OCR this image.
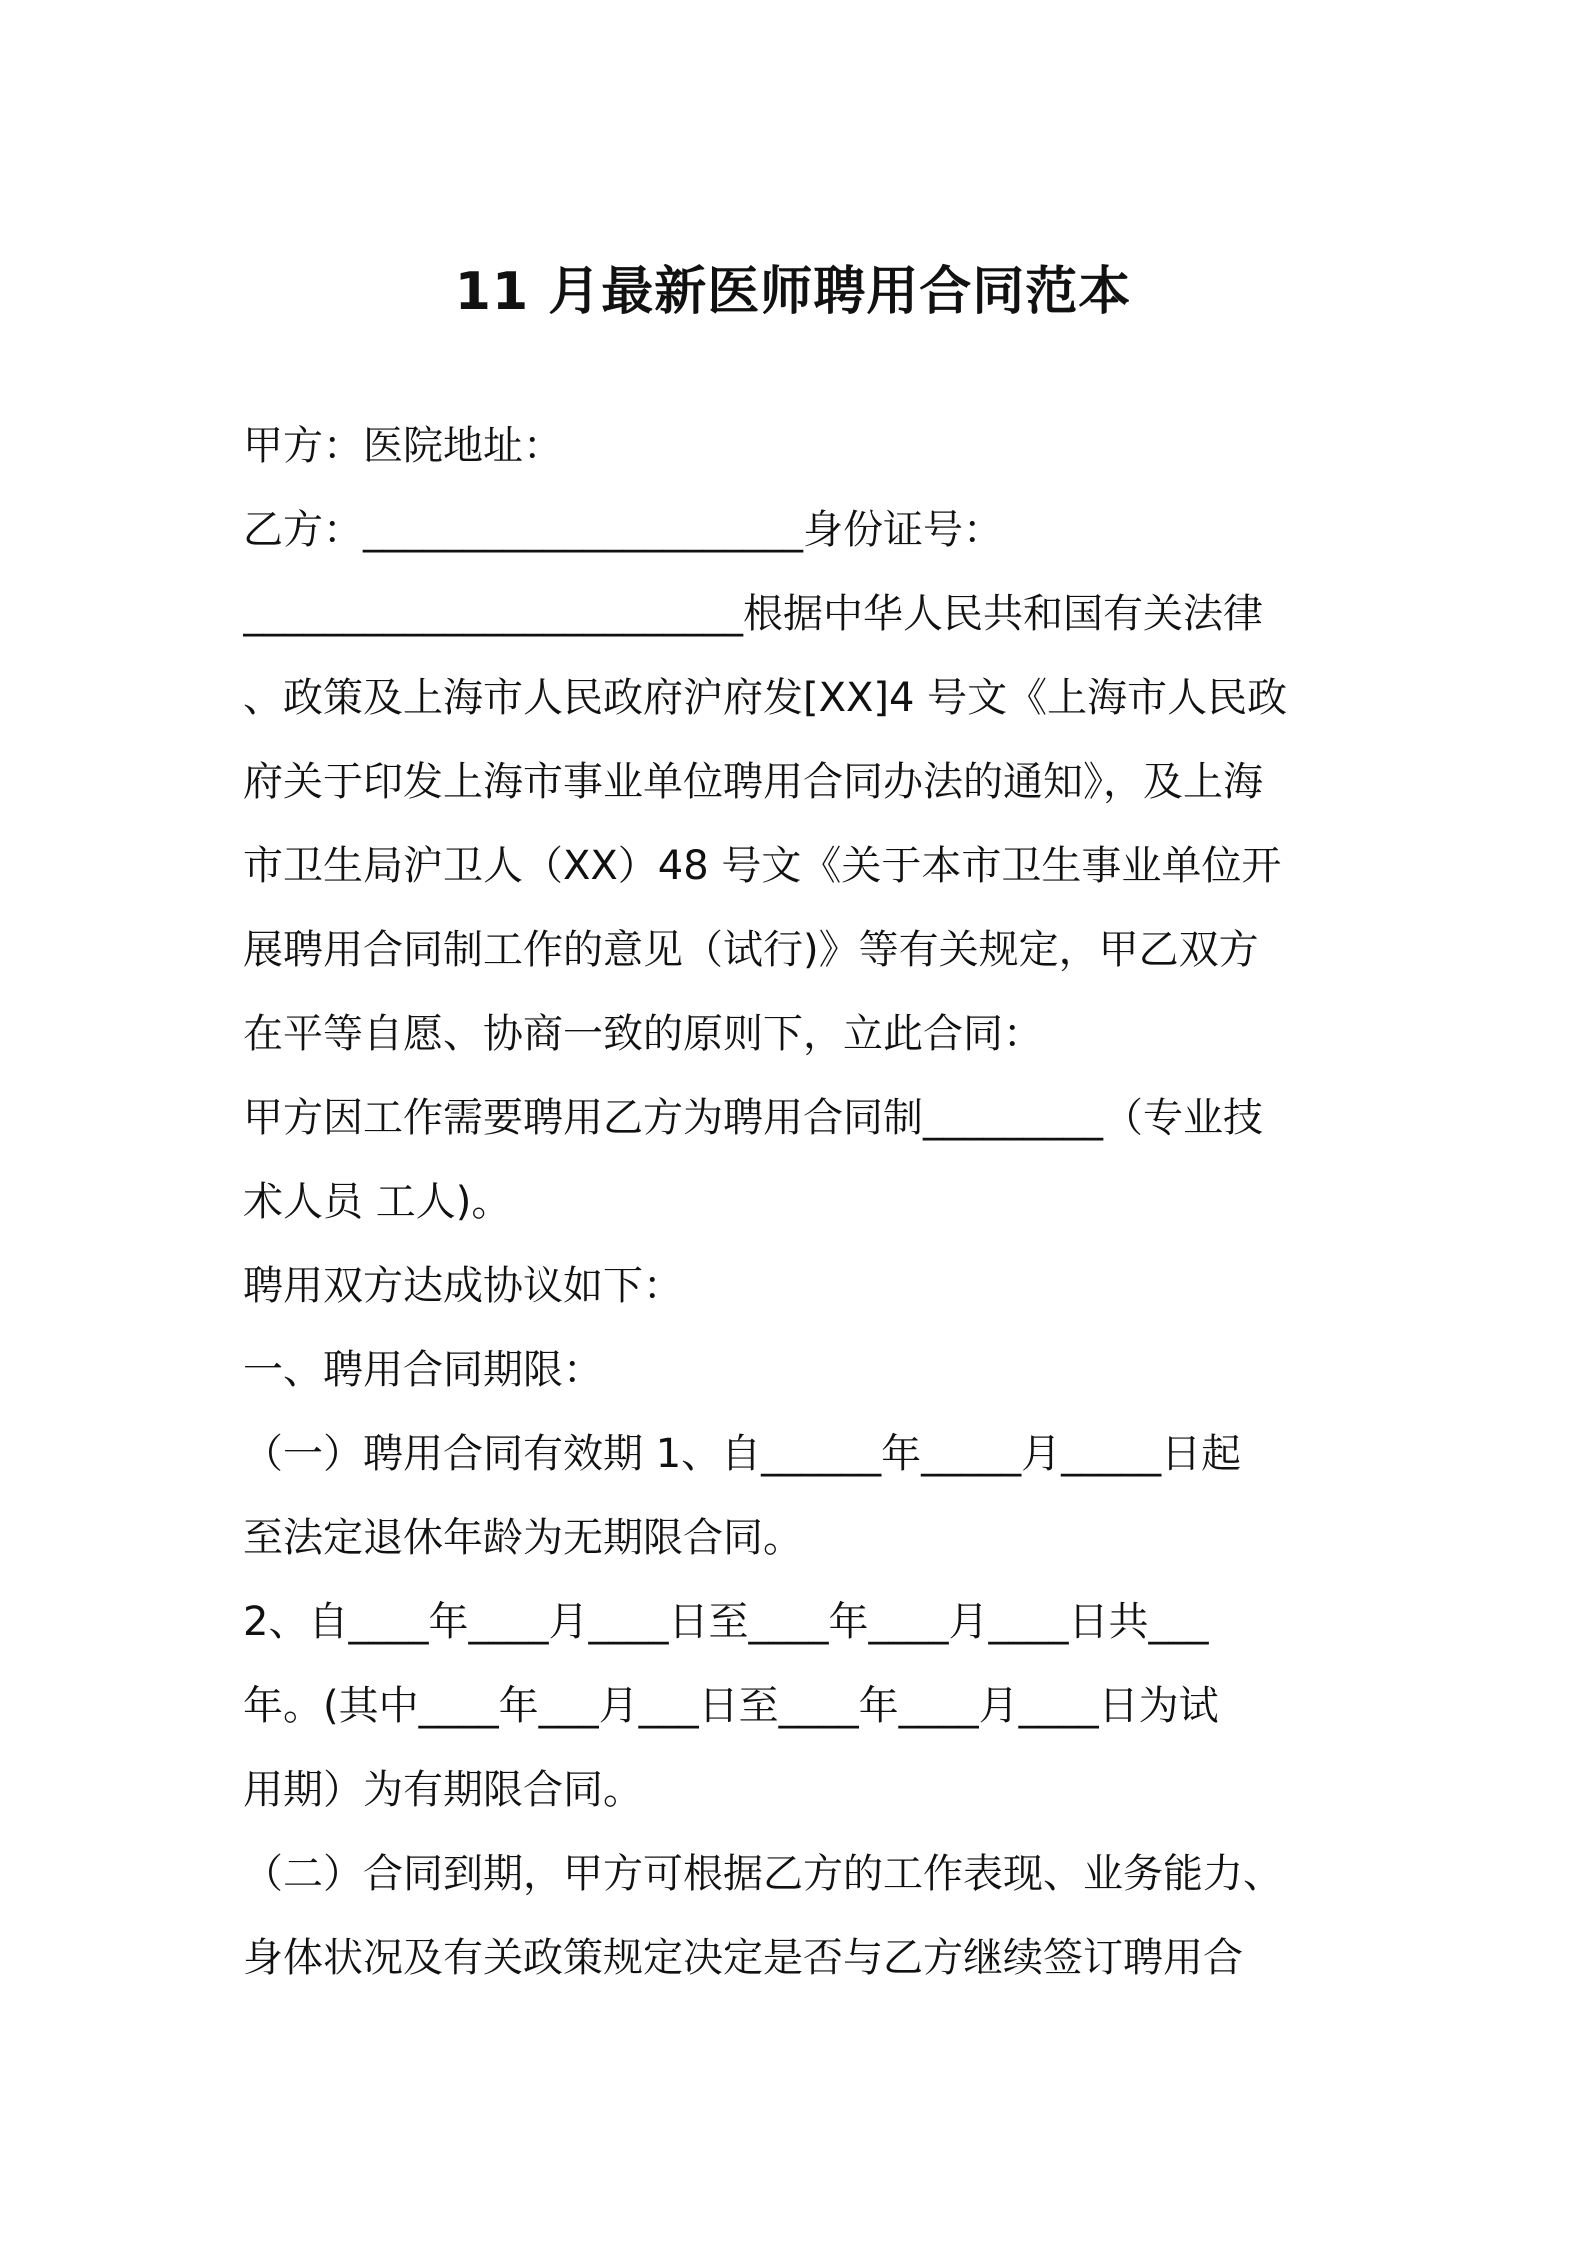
11 月最新医师聘用合同范本
甲方：医院地址：
乙方：______________________身份证号：
_________________________根据中华人民共和国有关法律
、政策及上海市人民政府沪府发[XX]4 号文《上海市人民政
府关于印发上海市事业单位聘用合同办法的通知》，及上海
市卫生局沪卫人（XX）48 号文《关于本市卫生事业单位开
展聘用合同制工作的意见（试行)》等有关规定，甲乙双方
在平等自愿、协商一致的原则下，立此合同：
甲方因工作需要聘用乙方为聘用合同制_________（专业技
术人员 工人)。
聘用双方达成协议如下：
一、聘用合同期限：
（一）聘用合同有效期 1、自______年_____月_____日起
至法定退休年龄为无期限合同。
2、自____年____月____日至____年____月____日共___
年。(其中____年___月___日至____年____月____日为试
用期）为有期限合同。
（二）合同到期，甲方可根据乙方的工作表现、业务能力、
身体状况及有关政策规定决定是否与乙方继续签订聘用合
